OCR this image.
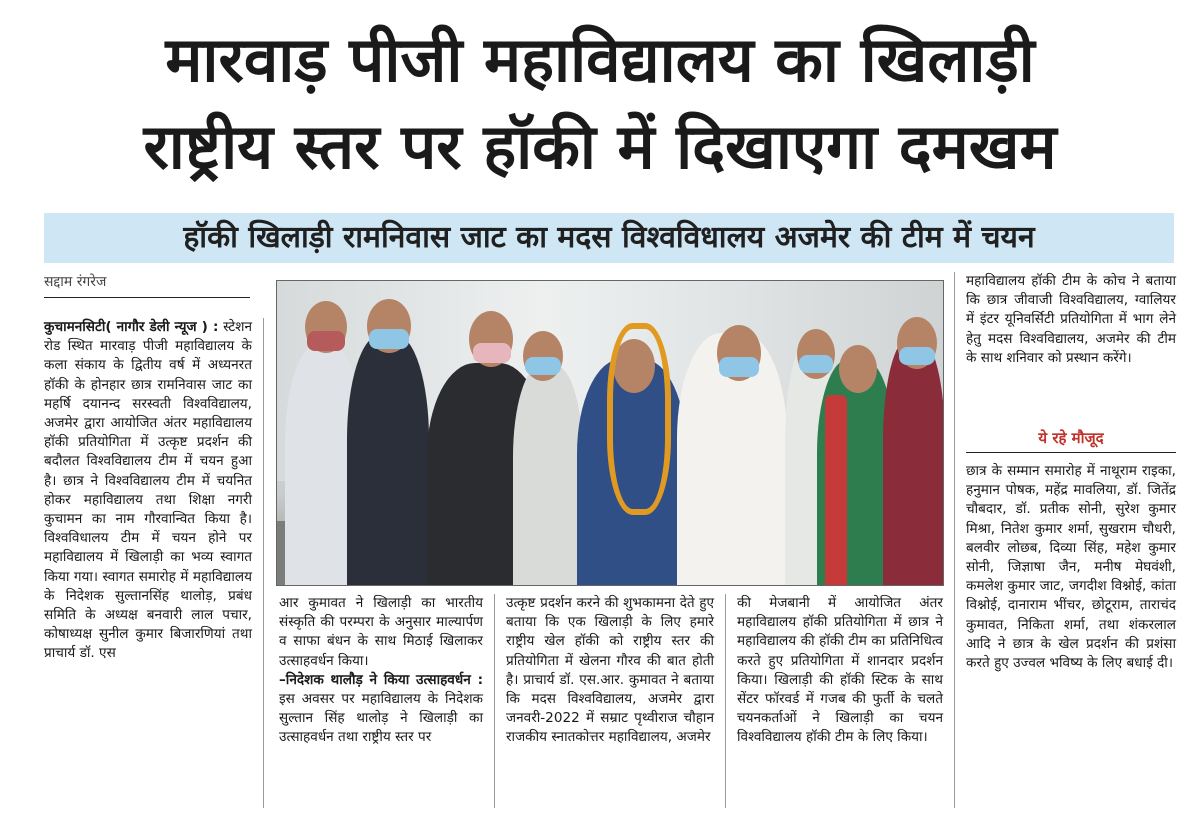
मारवाड़ पीजी महाविद्यालय का खिलाड़ी
राष्ट्रीय स्तर पर हॉकी में दिखाएगा दमखम
हॉकी खिलाड़ी रामनिवास जाट का मदस विश्वविधालय अजमेर की टीम में चयन
सद्दाम रंगरेज

कुचामनसिटी( नागौर डेली न्यूज ) : स्टेशन रोड स्थित मारवाड़ पीजी महाविद्यालय के कला संकाय के द्वितीय वर्ष में अध्यनरत हॉकी के होनहार छात्र रामनिवास जाट का महर्षि दयानन्द सरस्वती विश्वविद्यालय, अजमेर द्वारा आयोजित अंतर महाविद्यालय हॉकी प्रतियोगिता में उत्कृष्ट प्रदर्शन की बदौलत विश्वविद्यालय टीम में चयन हुआ है। छात्र ने विश्वविद्यालय टीम में चयनित होकर महाविद्यालय तथा शिक्षा नगरी कुचामन का नाम गौरवान्वित किया है। विश्वविधालय टीम में चयन होने पर महाविद्यालय में खिलाड़ी का भव्य स्वागत किया गया। स्वागत समारोह में महाविद्यालय के निदेशक सुल्तानसिंह थालोड़, प्रबंध समिति के अध्यक्ष बनवारी लाल पचार, कोषाध्यक्ष सुनील कुमार बिजारणियां तथा प्राचार्य डॉ. एस

आर कुमावत ने खिलाड़ी का भारतीय संस्कृति की परम्परा के अनुसार माल्यार्पण व साफा बंधन के साथ मिठाई खिलाकर उत्साहवर्धन किया।

–निदेशक थालौड़ ने किया उत्साहवर्धन : इस अवसर पर महाविद्यालय के निदेशक सुल्तान सिंह थालोड़ ने खिलाड़ी का उत्साहवर्धन तथा राष्ट्रीय स्तर पर

उत्कृष्ट प्रदर्शन करने की शुभकामना देते हुए बताया कि एक खिलाड़ी के लिए हमारे राष्ट्रीय खेल हॉकी को राष्ट्रीय स्तर की प्रतियोगिता में खेलना गौरव की बात होती है। प्राचार्य डॉ. एस.आर. कुमावत ने बताया कि मदस विश्वविद्यालय, अजमेर द्वारा जनवरी-2022 में सम्राट पृथ्वीराज चौहान राजकीय स्नातकोत्तर महाविद्यालय, अजमेर

की मेजबानी में आयोजित अंतर महाविद्यालय हॉकी प्रतियोगिता में छात्र ने महाविद्यालय की हॉकी टीम का प्रतिनिधित्व करते हुए प्रतियोगिता में शानदार प्रदर्शन किया। खिलाड़ी की हॉकी स्टिक के साथ सेंटर फॉरवर्ड में गजब की फुर्ती के चलते चयनकर्ताओं ने खिलाड़ी का चयन विश्वविद्यालय हॉकी टीम के लिए किया।

महाविद्यालय हॉकी टीम के कोच ने बताया कि छात्र जीवाजी विश्वविद्यालय, ग्वालियर में इंटर यूनिवर्सिटी प्रतियोगिता में भाग लेने हेतु मदस विश्वविद्यालय, अजमेर की टीम के साथ शनिवार को प्रस्थान करेंगे।

ये रहे मौजूद

छात्र के सम्मान समारोह में नाथूराम राइका, हनुमान पोषक, महेंद्र मावलिया, डॉ. जितेंद्र चौबदार, डॉ. प्रतीक सोनी, सुरेश कुमार मिश्रा, नितेश कुमार शर्मा, सुखराम चौधरी, बलवीर लोछब, दिव्या सिंह, महेश कुमार सोनी, जिज्ञाषा जैन, मनीष मेघवंशी, कमलेश कुमार जाट, जगदीश विश्नोई, कांता विश्नोई, दानाराम भींचर, छोटूराम, ताराचंद कुमावत, निकिता शर्मा, तथा शंकरलाल आदि ने छात्र के खेल प्रदर्शन की प्रशंसा करते हुए उज्वल भविष्य के लिए बधाई दी।
